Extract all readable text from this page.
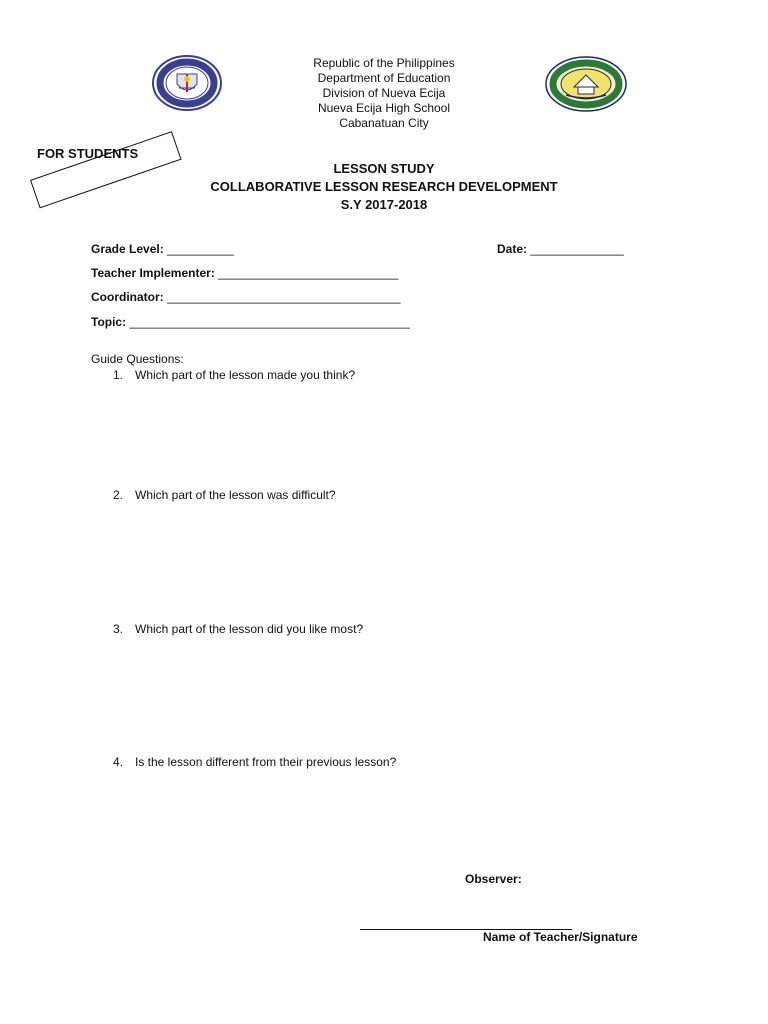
Republic of the Philippines
Department of Education
Division of Nueva Ecija
Nueva Ecija High School
Cabanatuan City
FOR STUDENTS
LESSON STUDY
COLLABORATIVE LESSON RESEARCH DEVELOPMENT
S.Y 2017-2018
Grade Level: __________	Date: ______________
Teacher Implementer: ___________________________
Coordinator: ___________________________________
Topic: __________________________________________
Guide Questions:
1. Which part of the lesson made you think?
2. Which part of the lesson was difficult?
3. Which part of the lesson did you like most?
4. Is the lesson different from their previous lesson?
Observer:
Name of Teacher/Signature
